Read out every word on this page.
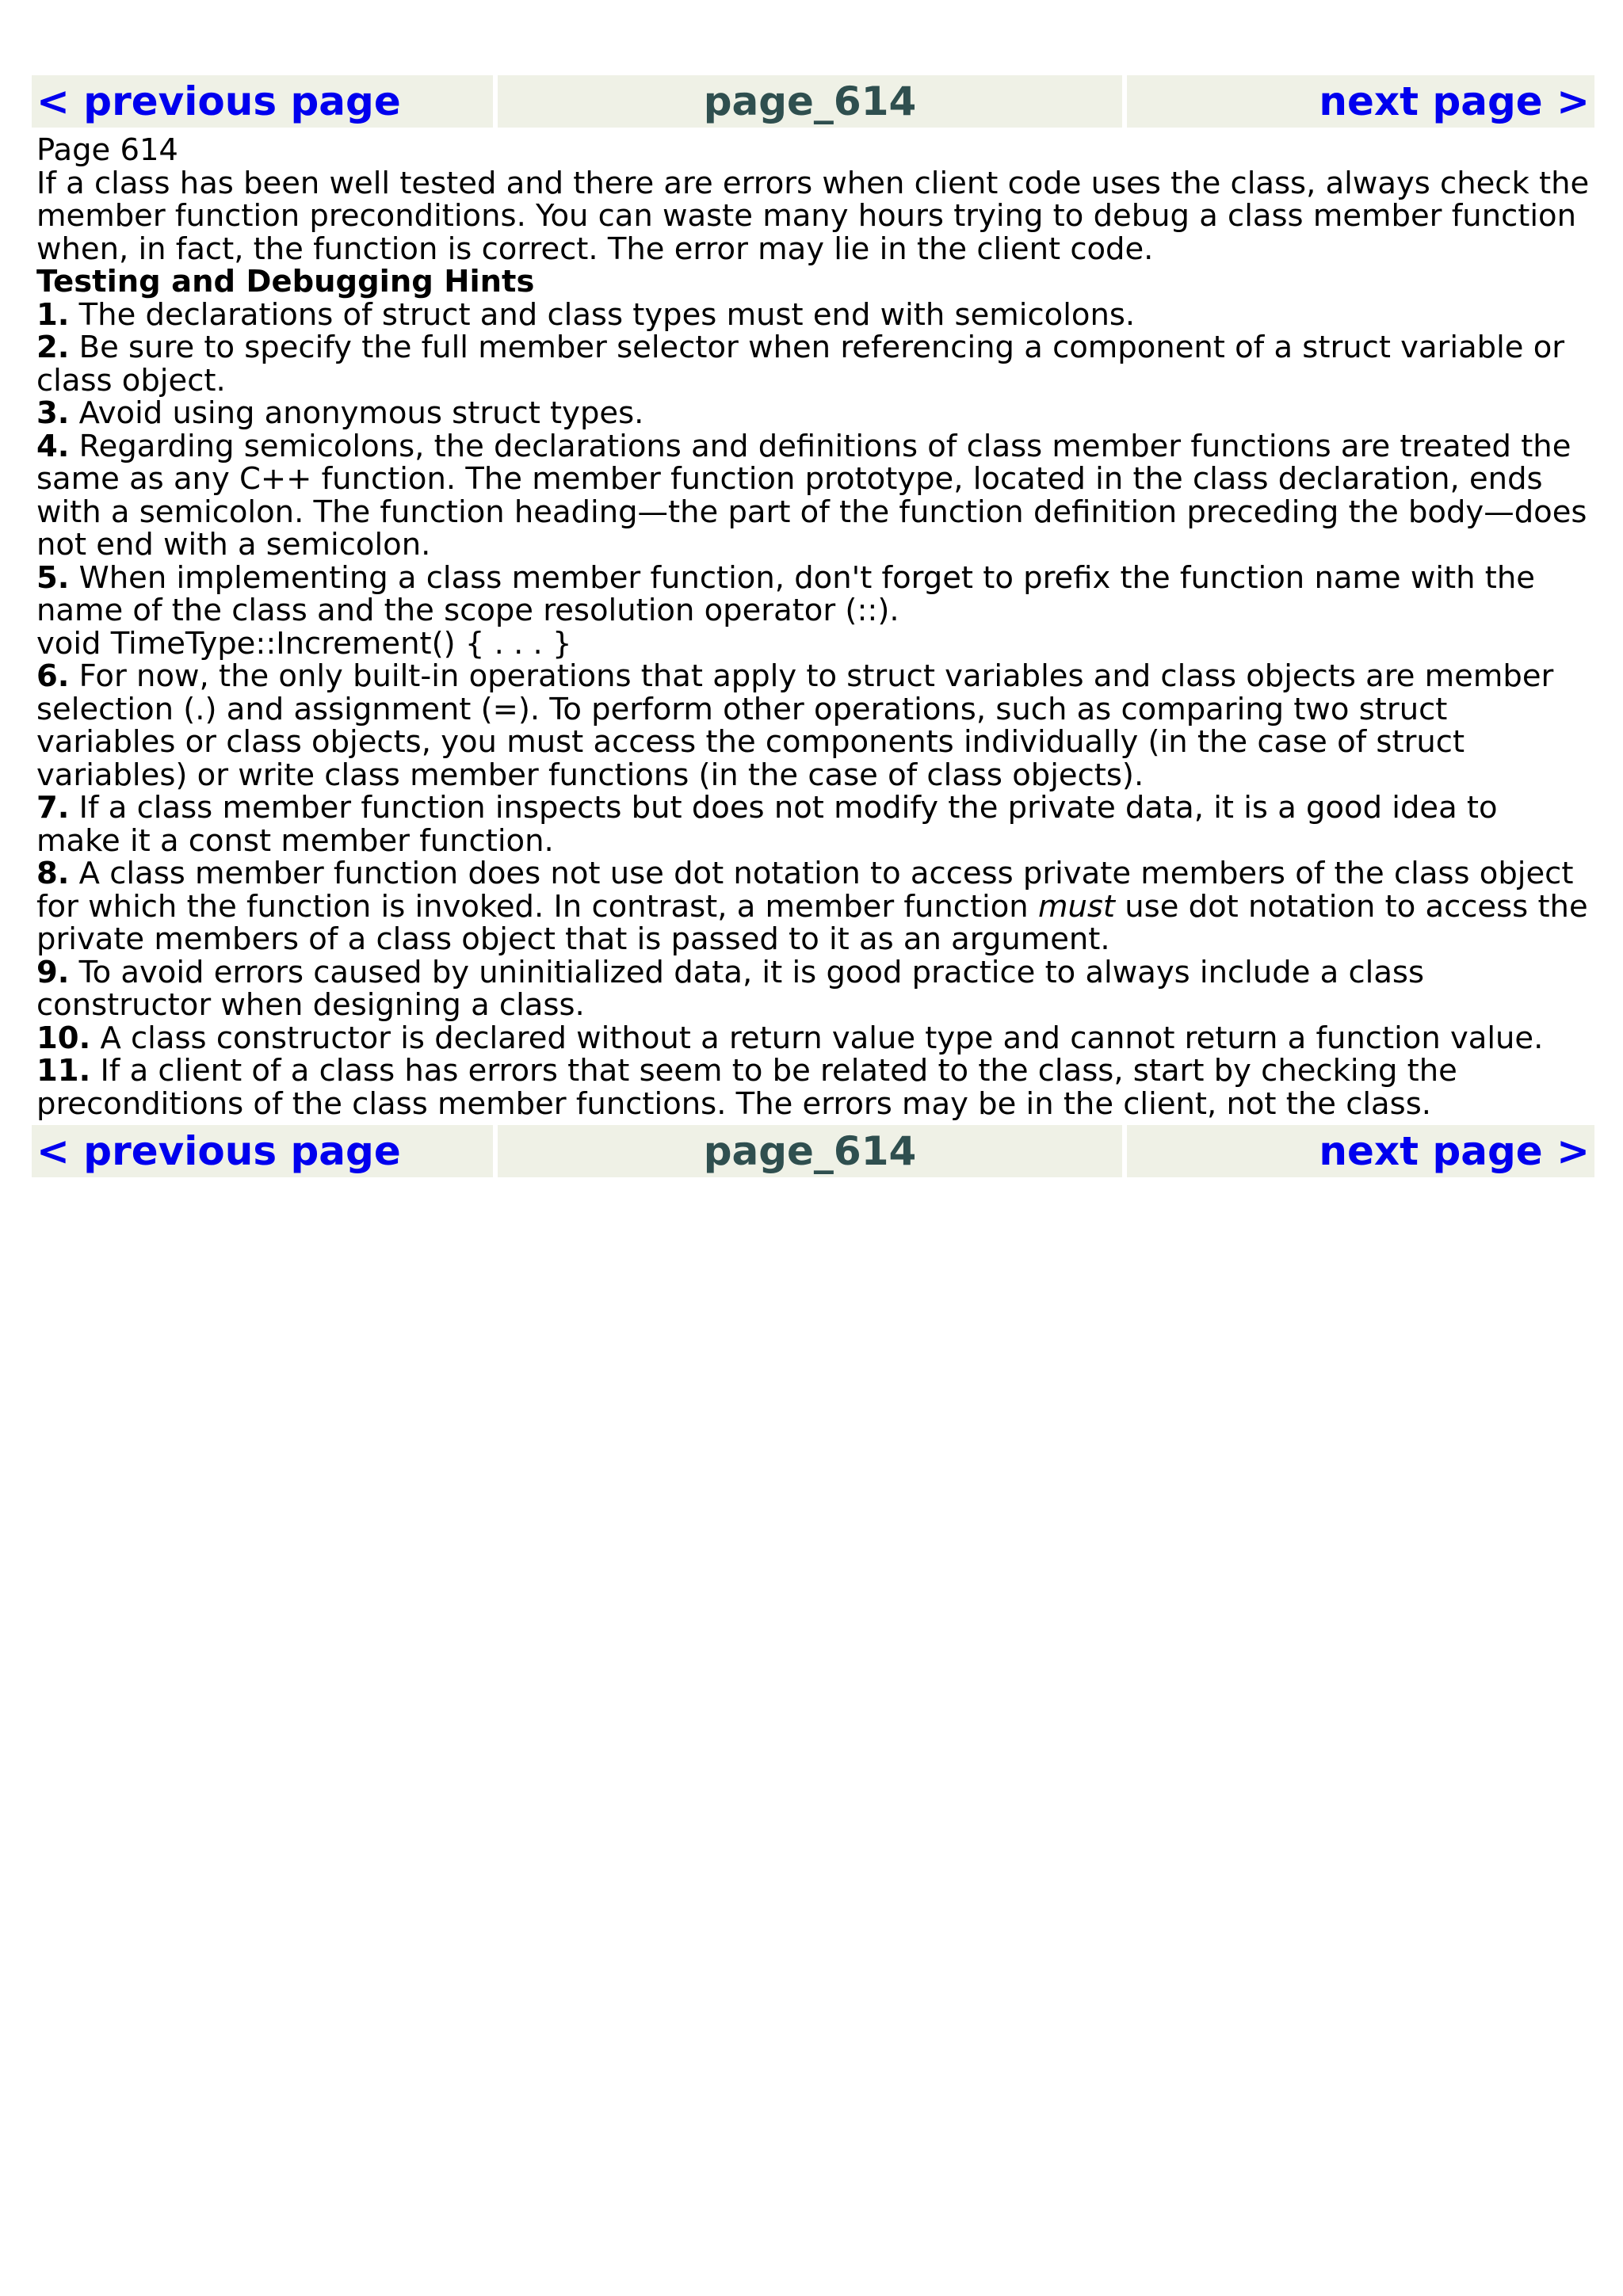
< previous page	page_614	next page >
Page 614
If a class has been well tested and there are errors when client code uses the class, always check the member function preconditions. You can waste many hours trying to debug a class member function when, in fact, the function is correct. The error may lie in the client code.
Testing and Debugging Hints
1. The declarations of struct and class types must end with semicolons.
2. Be sure to specify the full member selector when referencing a component of a struct variable or class object.
3. Avoid using anonymous struct types.
4. Regarding semicolons, the declarations and definitions of class member functions are treated the same as any C++ function. The member function prototype, located in the class declaration, ends with a semicolon. The function heading—the part of the function definition preceding the body—does not end with a semicolon.
5. When implementing a class member function, don't forget to prefix the function name with the name of the class and the scope resolution operator (::).
void TimeType::Increment() { . . . }
6. For now, the only built-in operations that apply to struct variables and class objects are member selection (.) and assignment (=). To perform other operations, such as comparing two struct variables or class objects, you must access the components individually (in the case of struct variables) or write class member functions (in the case of class objects).
7. If a class member function inspects but does not modify the private data, it is a good idea to make it a const member function.
8. A class member function does not use dot notation to access private members of the class object for which the function is invoked. In contrast, a member function must use dot notation to access the private members of a class object that is passed to it as an argument.
9. To avoid errors caused by uninitialized data, it is good practice to always include a class constructor when designing a class.
10. A class constructor is declared without a return value type and cannot return a function value.
11. If a client of a class has errors that seem to be related to the class, start by checking the preconditions of the class member functions. The errors may be in the client, not the class.
< previous page	page_614	next page >
